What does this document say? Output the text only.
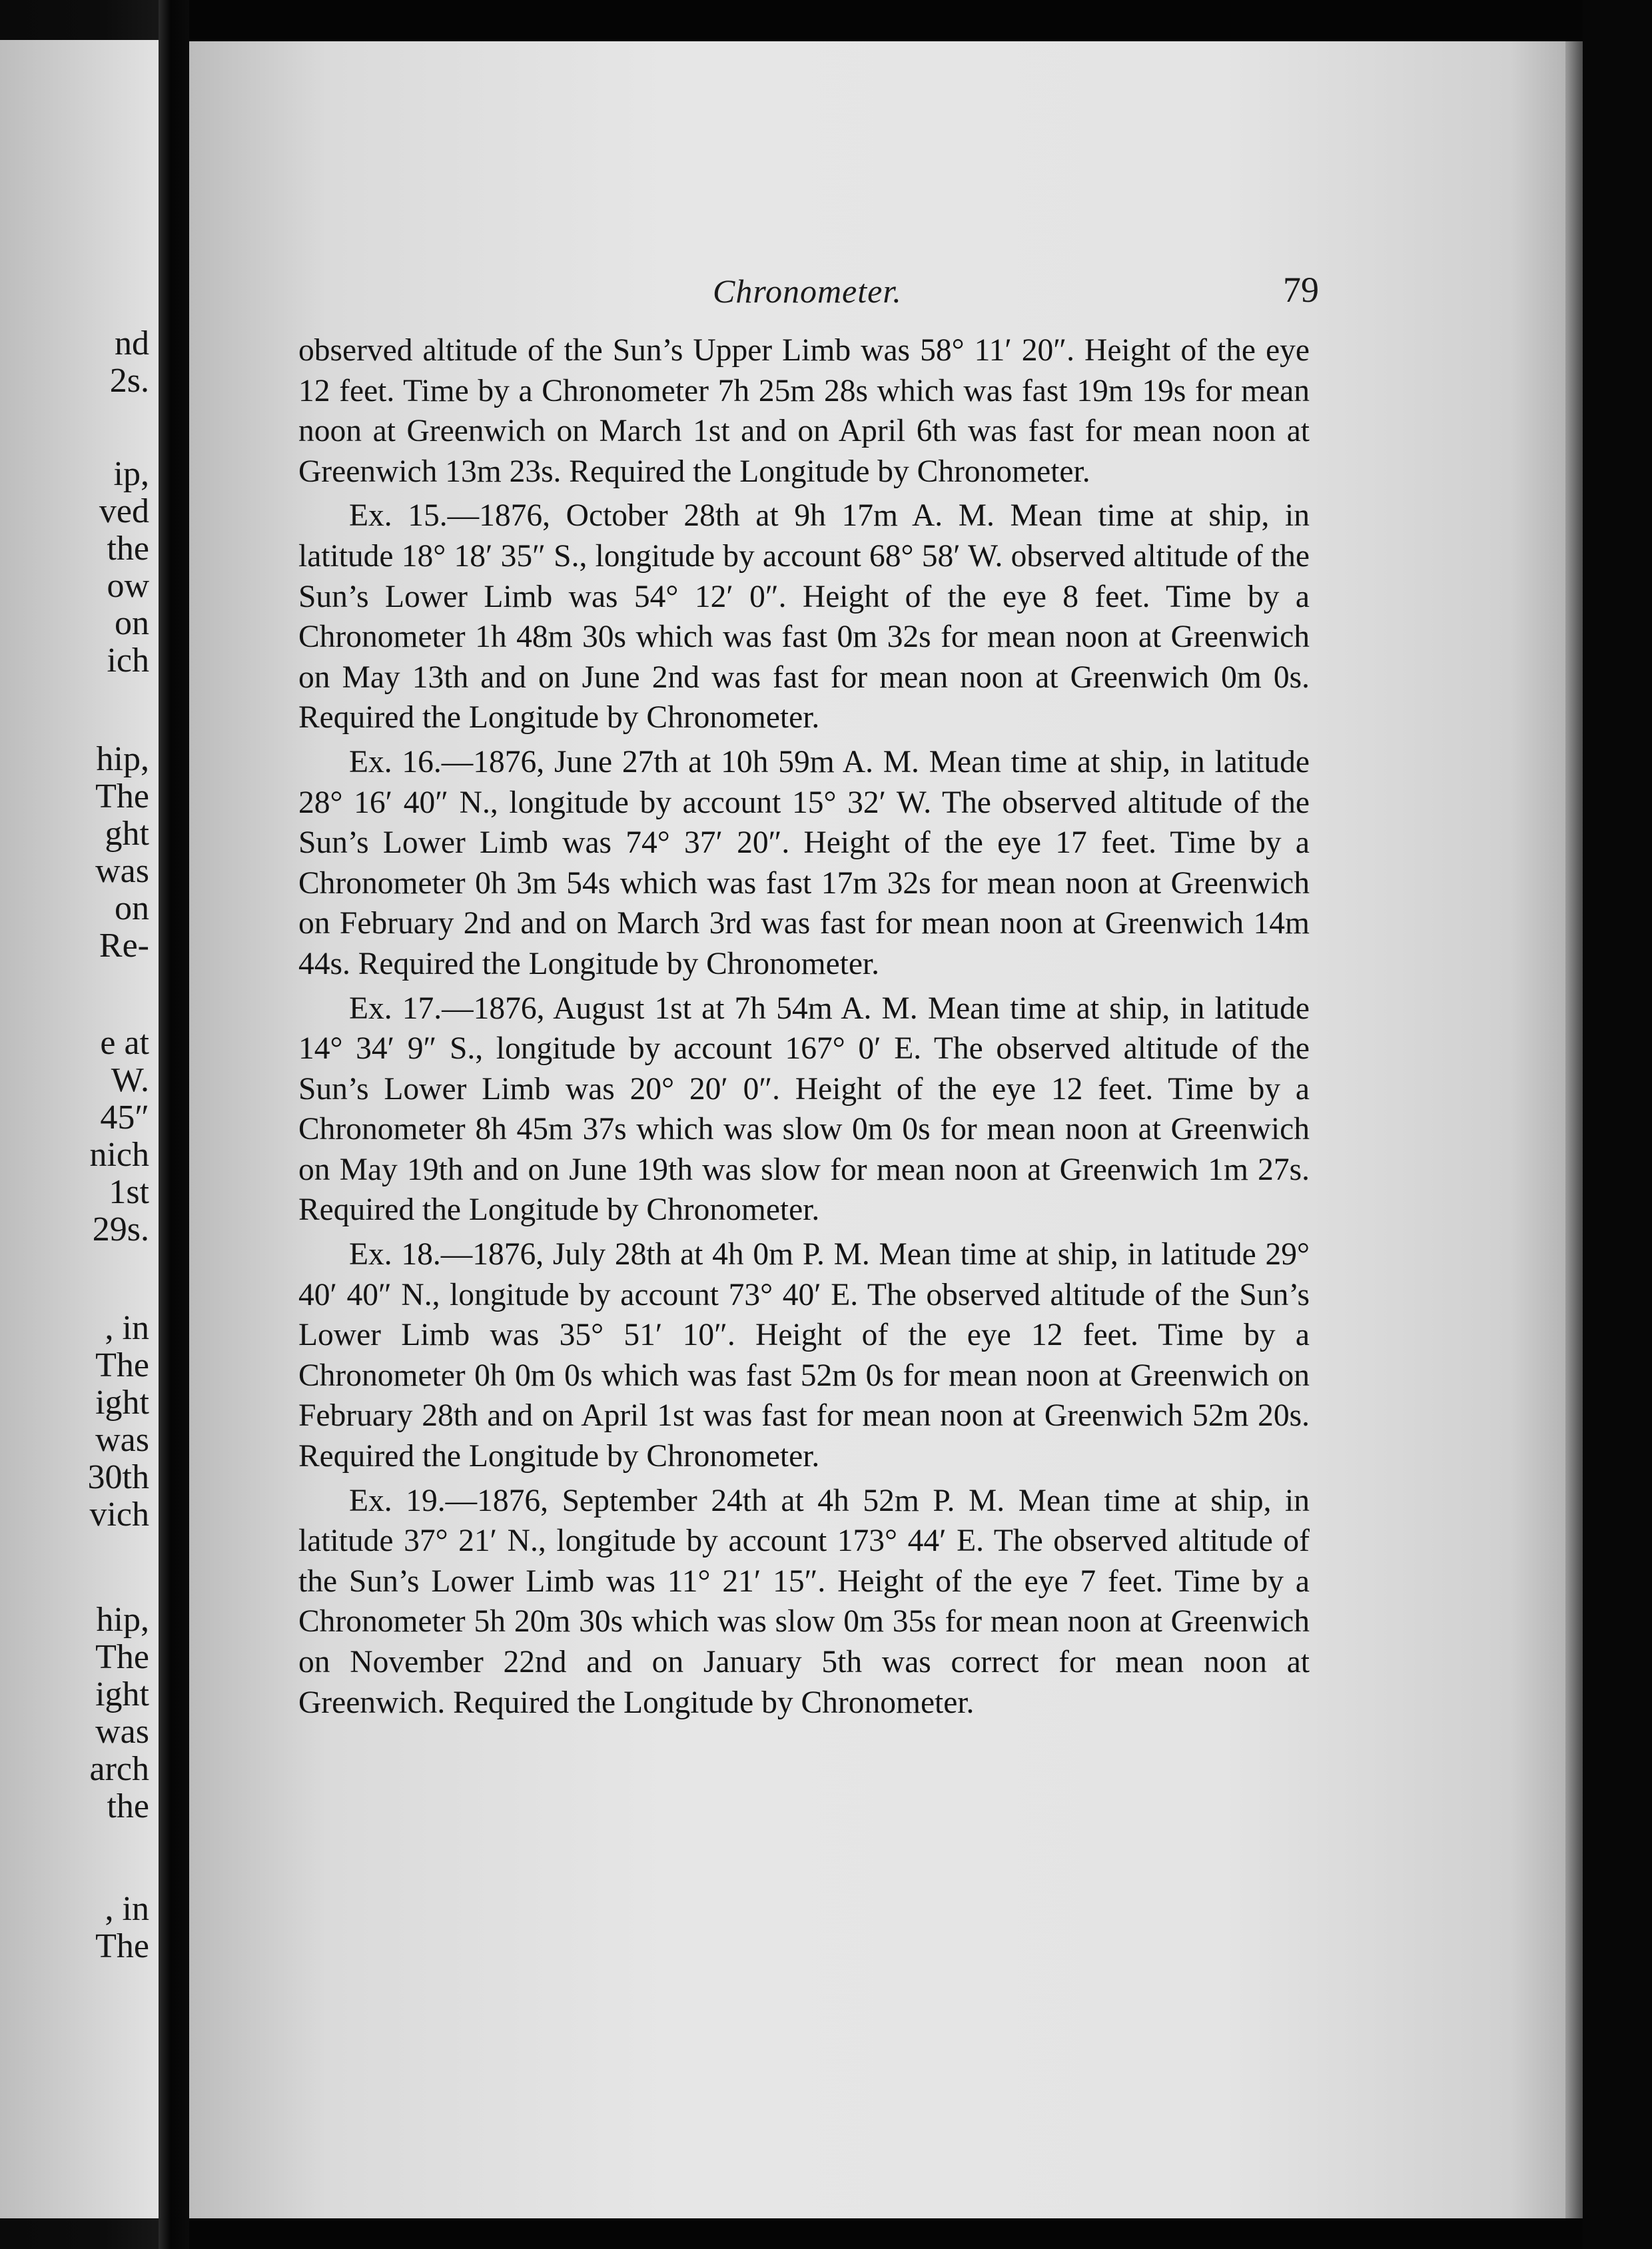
nd
2s.
ip,
ved
the
ow
on
ich
hip,
The
ght
was
on
Re-
e at
W.
45″
nich
1st
29s.
, in
The
ight
was
30th
vich
hip,
The
ight
was
arch
the
, in
The
Chronometer.	79

observed altitude of the Sun’s Upper Limb was 58° 11′ 20″. Height of the eye 12 feet. Time by a Chronometer 7h 25m 28s which was fast 19m 19s for mean noon at Greenwich on March 1st and on April 6th was fast for mean noon at Greenwich 13m 23s. Required the Longitude by Chronometer.

Ex. 15.—1876, October 28th at 9h 17m A. M. Mean time at ship, in latitude 18° 18′ 35″ S., longitude by account 68° 58′ W. observed altitude of the Sun’s Lower Limb was 54° 12′ 0″. Height of the eye 8 feet. Time by a Chronometer 1h 48m 30s which was fast 0m 32s for mean noon at Greenwich on May 13th and on June 2nd was fast for mean noon at Greenwich 0m 0s. Required the Longitude by Chronometer.

Ex. 16.—1876, June 27th at 10h 59m A. M. Mean time at ship, in latitude 28° 16′ 40″ N., longitude by account 15° 32′ W. The observed altitude of the Sun’s Lower Limb was 74° 37′ 20″. Height of the eye 17 feet. Time by a Chronometer 0h 3m 54s which was fast 17m 32s for mean noon at Greenwich on February 2nd and on March 3rd was fast for mean noon at Greenwich 14m 44s. Required the Longitude by Chronometer.

Ex. 17.—1876, August 1st at 7h 54m A. M. Mean time at ship, in latitude 14° 34′ 9″ S., longitude by account 167° 0′ E. The observed altitude of the Sun’s Lower Limb was 20° 20′ 0″. Height of the eye 12 feet. Time by a Chronometer 8h 45m 37s which was slow 0m 0s for mean noon at Greenwich on May 19th and on June 19th was slow for mean noon at Greenwich 1m 27s. Required the Longitude by Chronometer.

Ex. 18.—1876, July 28th at 4h 0m P. M. Mean time at ship, in latitude 29° 40′ 40″ N., longitude by account 73° 40′ E. The observed altitude of the Sun’s Lower Limb was 35° 51′ 10″. Height of the eye 12 feet. Time by a Chronometer 0h 0m 0s which was fast 52m 0s for mean noon at Greenwich on February 28th and on April 1st was fast for mean noon at Greenwich 52m 20s. Required the Longitude by Chronometer.

Ex. 19.—1876, September 24th at 4h 52m P. M. Mean time at ship, in latitude 37° 21′ N., longitude by account 173° 44′ E. The observed altitude of the Sun’s Lower Limb was 11° 21′ 15″. Height of the eye 7 feet. Time by a Chronometer 5h 20m 30s which was slow 0m 35s for mean noon at Greenwich on November 22nd and on January 5th was correct for mean noon at Greenwich. Required the Longitude by Chronometer.
